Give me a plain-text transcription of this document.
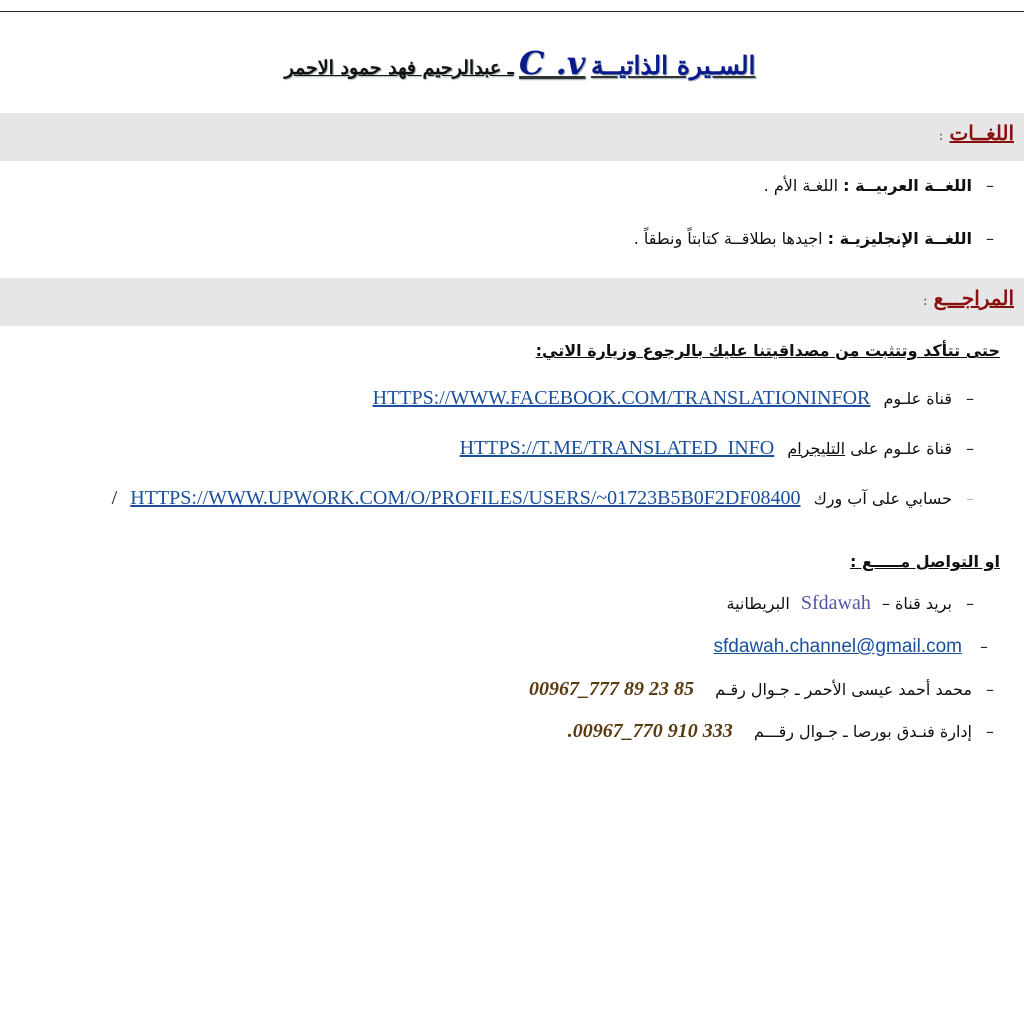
السـيرة الذاتيــة C .v ـ عبدالرحيم فهد حمود الاحمر
اللغــات:
–اللغــة العربيــة : اللغـة الأم .
–اللغــة الإنجليزيـة : اجيدها بطلاقــة كتابتاً ونطقاً .
المراجـــع:
حتى تتأكد وتتثبت من مصداقيتنا عليك بالرجوع وزيارة الاتي:
–قناة علـوم HTTPS://WWW.FACEBOOK.COM/TRANSLATIONINFOR
–قناة علـوم على التليجرام HTTPS://T.ME/TRANSLATED_INFO
–حسابي على آب ورك HTTPS://WWW.UPWORK.COM/O/PROFILES/USERS/~01723B5B0F2DF08400 /
او التواصل مـــــع :
–بريد قناة – Sfdawah البريطانية
–sfdawah.channel@gmail.com
–محمد أحمد عيسى الأحمر ـ جـوال رقـم 00967_777 89 23 85
–إدارة فنـدق بورصا ـ جـوال رقـــم .00967_770 910 333
